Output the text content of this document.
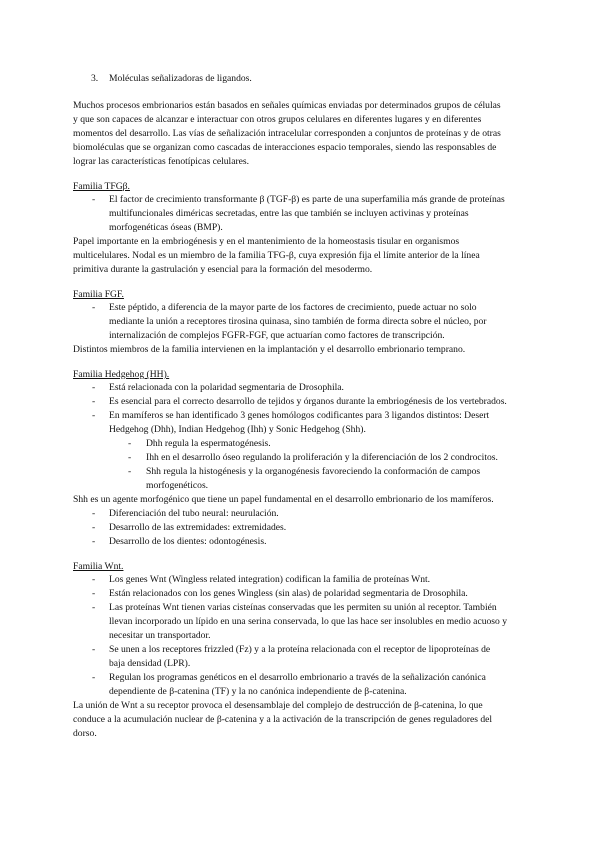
3. Moléculas señalizadoras de ligandos.
Muchos procesos embrionarios están basados en señales químicas enviadas por determinados grupos de células
y que son capaces de alcanzar e interactuar con otros grupos celulares en diferentes lugares y en diferentes
momentos del desarrollo. Las vías de señalización intracelular corresponden a conjuntos de proteínas y de otras
biomoléculas que se organizan como cascadas de interacciones espacio temporales, siendo las responsables de
lograr las características fenotípicas celulares.
Familia TFGβ.
- El factor de crecimiento transformante β (TGF-β) es parte de una superfamilia más grande de proteínas
multifuncionales diméricas secretadas, entre las que también se incluyen activinas y proteínas
morfogenéticas óseas (BMP).
Papel importante en la embriogénesis y en el mantenimiento de la homeostasis tisular en organismos
multicelulares. Nodal es un miembro de la familia TFG-β, cuya expresión fija el límite anterior de la línea
primitiva durante la gastrulación y esencial para la formación del mesodermo.
Familia FGF.
- Este péptido, a diferencia de la mayor parte de los factores de crecimiento, puede actuar no solo
mediante la unión a receptores tirosina quinasa, sino también de forma directa sobre el núcleo, por
internalización de complejos FGFR-FGF, que actuarían como factores de transcripción.
Distintos miembros de la familia intervienen en la implantación y el desarrollo embrionario temprano.
Familia Hedgehog (HH).
- Está relacionada con la polaridad segmentaria de Drosophila.
- Es esencial para el correcto desarrollo de tejidos y órganos durante la embriogénesis de los vertebrados.
- En mamíferos se han identificado 3 genes homólogos codificantes para 3 ligandos distintos: Desert
Hedgehog (Dhh), Indian Hedgehog (Ihh) y Sonic Hedgehog (Shh).
- Dhh regula la espermatogénesis.
- Ihh en el desarrollo óseo regulando la proliferación y la diferenciación de los 2 condrocitos.
- Shh regula la histogénesis y la organogénesis favoreciendo la conformación de campos
morfogenéticos.
Shh es un agente morfogénico que tiene un papel fundamental en el desarrollo embrionario de los mamíferos.
- Diferenciación del tubo neural: neurulación.
- Desarrollo de las extremidades: extremidades.
- Desarrollo de los dientes: odontogénesis.
Familia Wnt.
- Los genes Wnt (Wingless related integration) codifican la familia de proteínas Wnt.
- Están relacionados con los genes Wingless (sin alas) de polaridad segmentaria de Drosophila.
- Las proteínas Wnt tienen varias cisteínas conservadas que les permiten su unión al receptor. También
llevan incorporado un lípido en una serina conservada, lo que las hace ser insolubles en medio acuoso y
necesitar un transportador.
- Se unen a los receptores frizzled (Fz) y a la proteína relacionada con el receptor de lipoproteínas de
baja densidad (LPR).
- Regulan los programas genéticos en el desarrollo embrionario a través de la señalización canónica
dependiente de β-catenina (TF) y la no canónica independiente de β-catenina.
La unión de Wnt a su receptor provoca el desensamblaje del complejo de destrucción de β-catenina, lo que
conduce a la acumulación nuclear de β-catenina y a la activación de la transcripción de genes reguladores del
dorso.
